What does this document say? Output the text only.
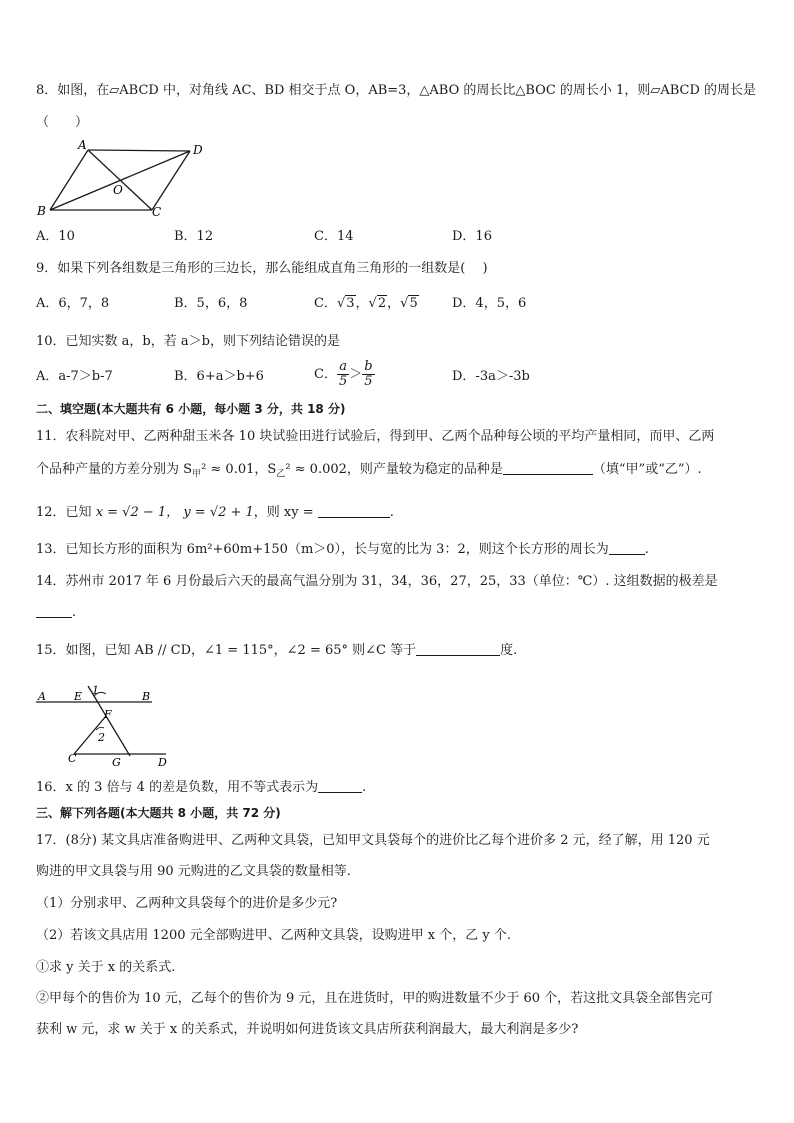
8．如图，在▱ABCD 中，对角线 AC、BD 相交于点 O，AB=3，△ABO 的周长比△BOC 的周长小 1，则▱ABCD 的周长是
（　　）
A	D
B	C
O
A．10	B．12	C．14	D．16
9．如果下列各组数是三角形的三边长，那么能组成直角三角形的一组数是(　 )
A．6，7，8	B．5，6，8	C．√3，√2，√5	D．4，5，6
10．已知实数 a，b，若 a＞b，则下列结论错误的是
A．a-7＞b-7	B．6+a＞b+6	C． $\frac{a}{5} > \frac{b}{5}$	D．-3a＞-3b
二、填空题(本大题共有 6 小题，每小题 3 分，共 18 分)
11．农科院对甲、乙两种甜玉米各 10 块试验田进行试验后，得到甲、乙两个品种每公顷的平均产量相同，而甲、乙两
个品种产量的方差分别为 $S_甲^2 \approx 0.01$，$S_乙^2 \approx 0.002$，则产量较为稳定的品种是	（填“甲”或“乙”）.
12．已知 x = √2 − 1， y = √2 + 1，则 xy =	.
13．已知长方形的面积为 6m²+60m+150（m＞0），长与宽的比为 3：2，则这个长方形的周长为	.
14．苏州市 2017 年 6 月份最后六天的最高气温分别为 31，34，36，27，25，33（单位：℃）. 这组数据的极差是
.
15．如图，已知 AB // CD，∠1 = 115°，∠2 = 65° 则∠C 等于	度.
A	E 1	B
F
2
C	G	D
16．x 的 3 倍与 4 的差是负数，用不等式表示为	.
三、解下列各题(本大题共 8 小题，共 72 分)
17．(8分) 某文具店准备购进甲、乙两种文具袋，已知甲文具袋每个的进价比乙每个进价多 2 元，经了解，用 120 元
购进的甲文具袋与用 90 元购进的乙文具袋的数量相等.
（1）分别求甲、乙两种文具袋每个的进价是多少元?
（2）若该文具店用 1200 元全部购进甲、乙两种文具袋，设购进甲 x 个，乙 y 个.
①求 y 关于 x 的关系式.
②甲每个的售价为 10 元，乙每个的售价为 9 元，且在进货时，甲的购进数量不少于 60 个，若这批文具袋全部售完可
获利 w 元，求 w 关于 x 的关系式，并说明如何进货该文具店所获利润最大，最大利润是多少?
